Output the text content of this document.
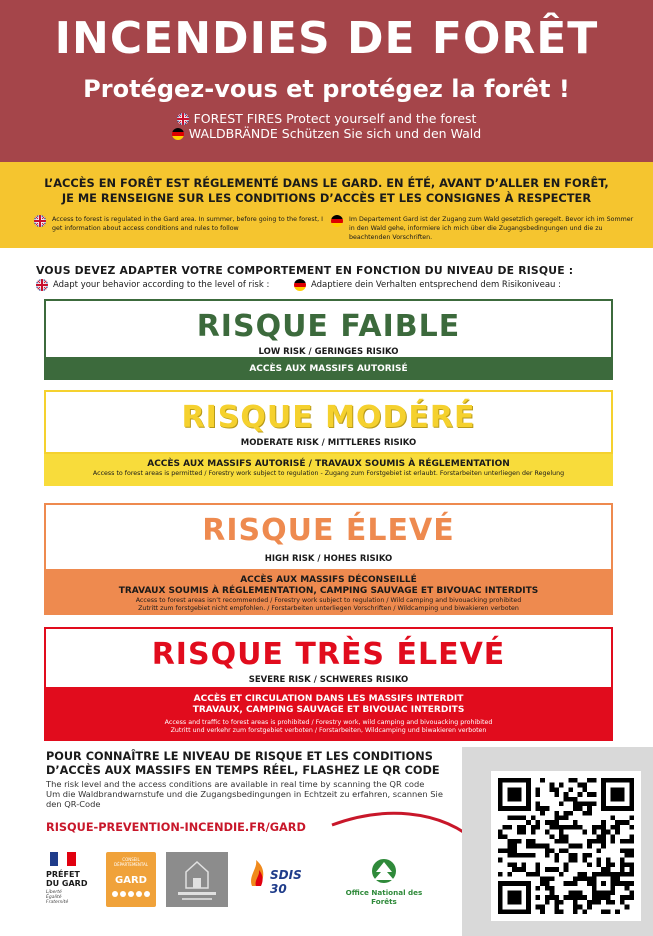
INCENDIES DE FORÊT
Protégez-vous et protégez la forêt !
FOREST FIRES Protect yourself and the forest
WALDBRÄNDE Schützen Sie sich und den Wald
L’ACCÈS EN FORÊT EST RÉGLEMENTÉ DANS LE GARD. EN ÉTÉ, AVANT D’ALLER EN FORÊT,
JE ME RENSEIGNE SUR LES CONDITIONS D’ACCÈS ET LES CONSIGNES À RESPECTER
Access to forest is regulated in the Gard area. In summer, before going to the forest, I get information about access conditions and rules to follow
Im Departement Gard ist der Zugang zum Wald gesetzlich geregelt. Bevor ich im Sommer in den Wald gehe, informiere ich mich über die Zugangsbedingungen und die zu beachtenden Vorschriften.
VOUS DEVEZ ADAPTER VOTRE COMPORTEMENT EN FONCTION DU NIVEAU DE RISQUE :
Adapt your behavior according to the level of risk :	Adaptiere dein Verhalten entsprechend dem Risikoniveau :
RISQUE FAIBLE
LOW RISK / GERINGES RISIKO
ACCÈS AUX MASSIFS AUTORISÉ
RISQUE MODÉRÉ
MODERATE RISK / MITTLERES RISIKO
ACCÈS AUX MASSIFS AUTORISÉ / TRAVAUX SOUMIS À RÉGLEMENTATION
Access to forest areas is permitted / Forestry work subject to regulation - Zugang zum Forstgebiet ist erlaubt. Forstarbeiten unterliegen der Regelung
RISQUE ÉLEVÉ
HIGH RISK / HOHES RISIKO
ACCÈS AUX MASSIFS DÉCONSEILLÉ
TRAVAUX SOUMIS À RÉGLEMENTATION, CAMPING SAUVAGE ET BIVOUAC INTERDITS
Access to forest areas isn’t recommended / Forestry work subject to regulation / Wild camping and bivouacking prohibited
Zutritt zum forstgebiet nicht empfohlen. / Forstarbeiten unterliegen Vorschriften / Wildcamping und biwakieren verboten
RISQUE TRÈS ÉLEVÉ
SEVERE RISK / SCHWERES RISIKO
ACCÈS ET CIRCULATION DANS LES MASSIFS INTERDIT
TRAVAUX, CAMPING SAUVAGE ET BIVOUAC INTERDITS
Access and traffic to forest areas is prohibited / Forestry work, wild camping and bivouacking prohibited
Zutritt und verkehr zum forstgebiet verboten / Forstarbeiten, Wildcamping und biwakieren verboten
POUR CONNAÎTRE LE NIVEAU DE RISQUE ET LES CONDITIONS
D’ACCÈS AUX MASSIFS EN TEMPS RÉEL, FLASHEZ LE QR CODE
The risk level and the access conditions are available in real time by scanning the QR code
Um die Waldbrandwarnstufe und die Zugangsbedingungen in Echtzeit zu erfahren, scannen Sie den QR-Code
RISQUE-PREVENTION-INCENDIE.FR/GARD
PRÉFET
DU GARD
Liberté
Égalité
Fraternité
CONSEIL DÉPARTEMENTAL
GARD	SDIS 30	Office National des Forêts
